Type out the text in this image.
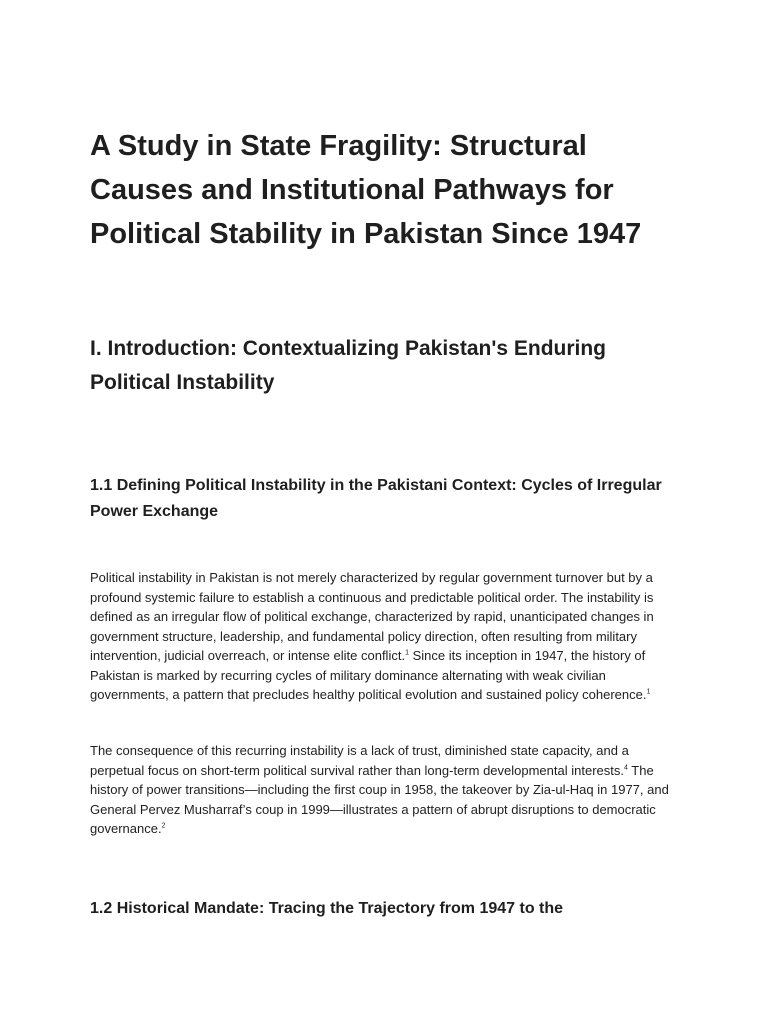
A Study in State Fragility: Structural Causes and Institutional Pathways for Political Stability in Pakistan Since 1947
I. Introduction: Contextualizing Pakistan's Enduring Political Instability
1.1 Defining Political Instability in the Pakistani Context: Cycles of Irregular Power Exchange

Political instability in Pakistan is not merely characterized by regular government turnover but by a profound systemic failure to establish a continuous and predictable political order. The instability is defined as an irregular flow of political exchange, characterized by rapid, unanticipated changes in government structure, leadership, and fundamental policy direction, often resulting from military intervention, judicial overreach, or intense elite conflict.$^1$ Since its inception in 1947, the history of Pakistan is marked by recurring cycles of military dominance alternating with weak civilian governments, a pattern that precludes healthy political evolution and sustained policy coherence.$^1$

The consequence of this recurring instability is a lack of trust, diminished state capacity, and a perpetual focus on short-term political survival rather than long-term developmental interests.$^4$ The history of power transitions—including the first coup in 1958, the takeover by Zia-ul-Haq in 1977, and General Pervez Musharraf’s coup in 1999—illustrates a pattern of abrupt disruptions to democratic governance.$^2$

1.2 Historical Mandate: Tracing the Trajectory from 1947 to the
